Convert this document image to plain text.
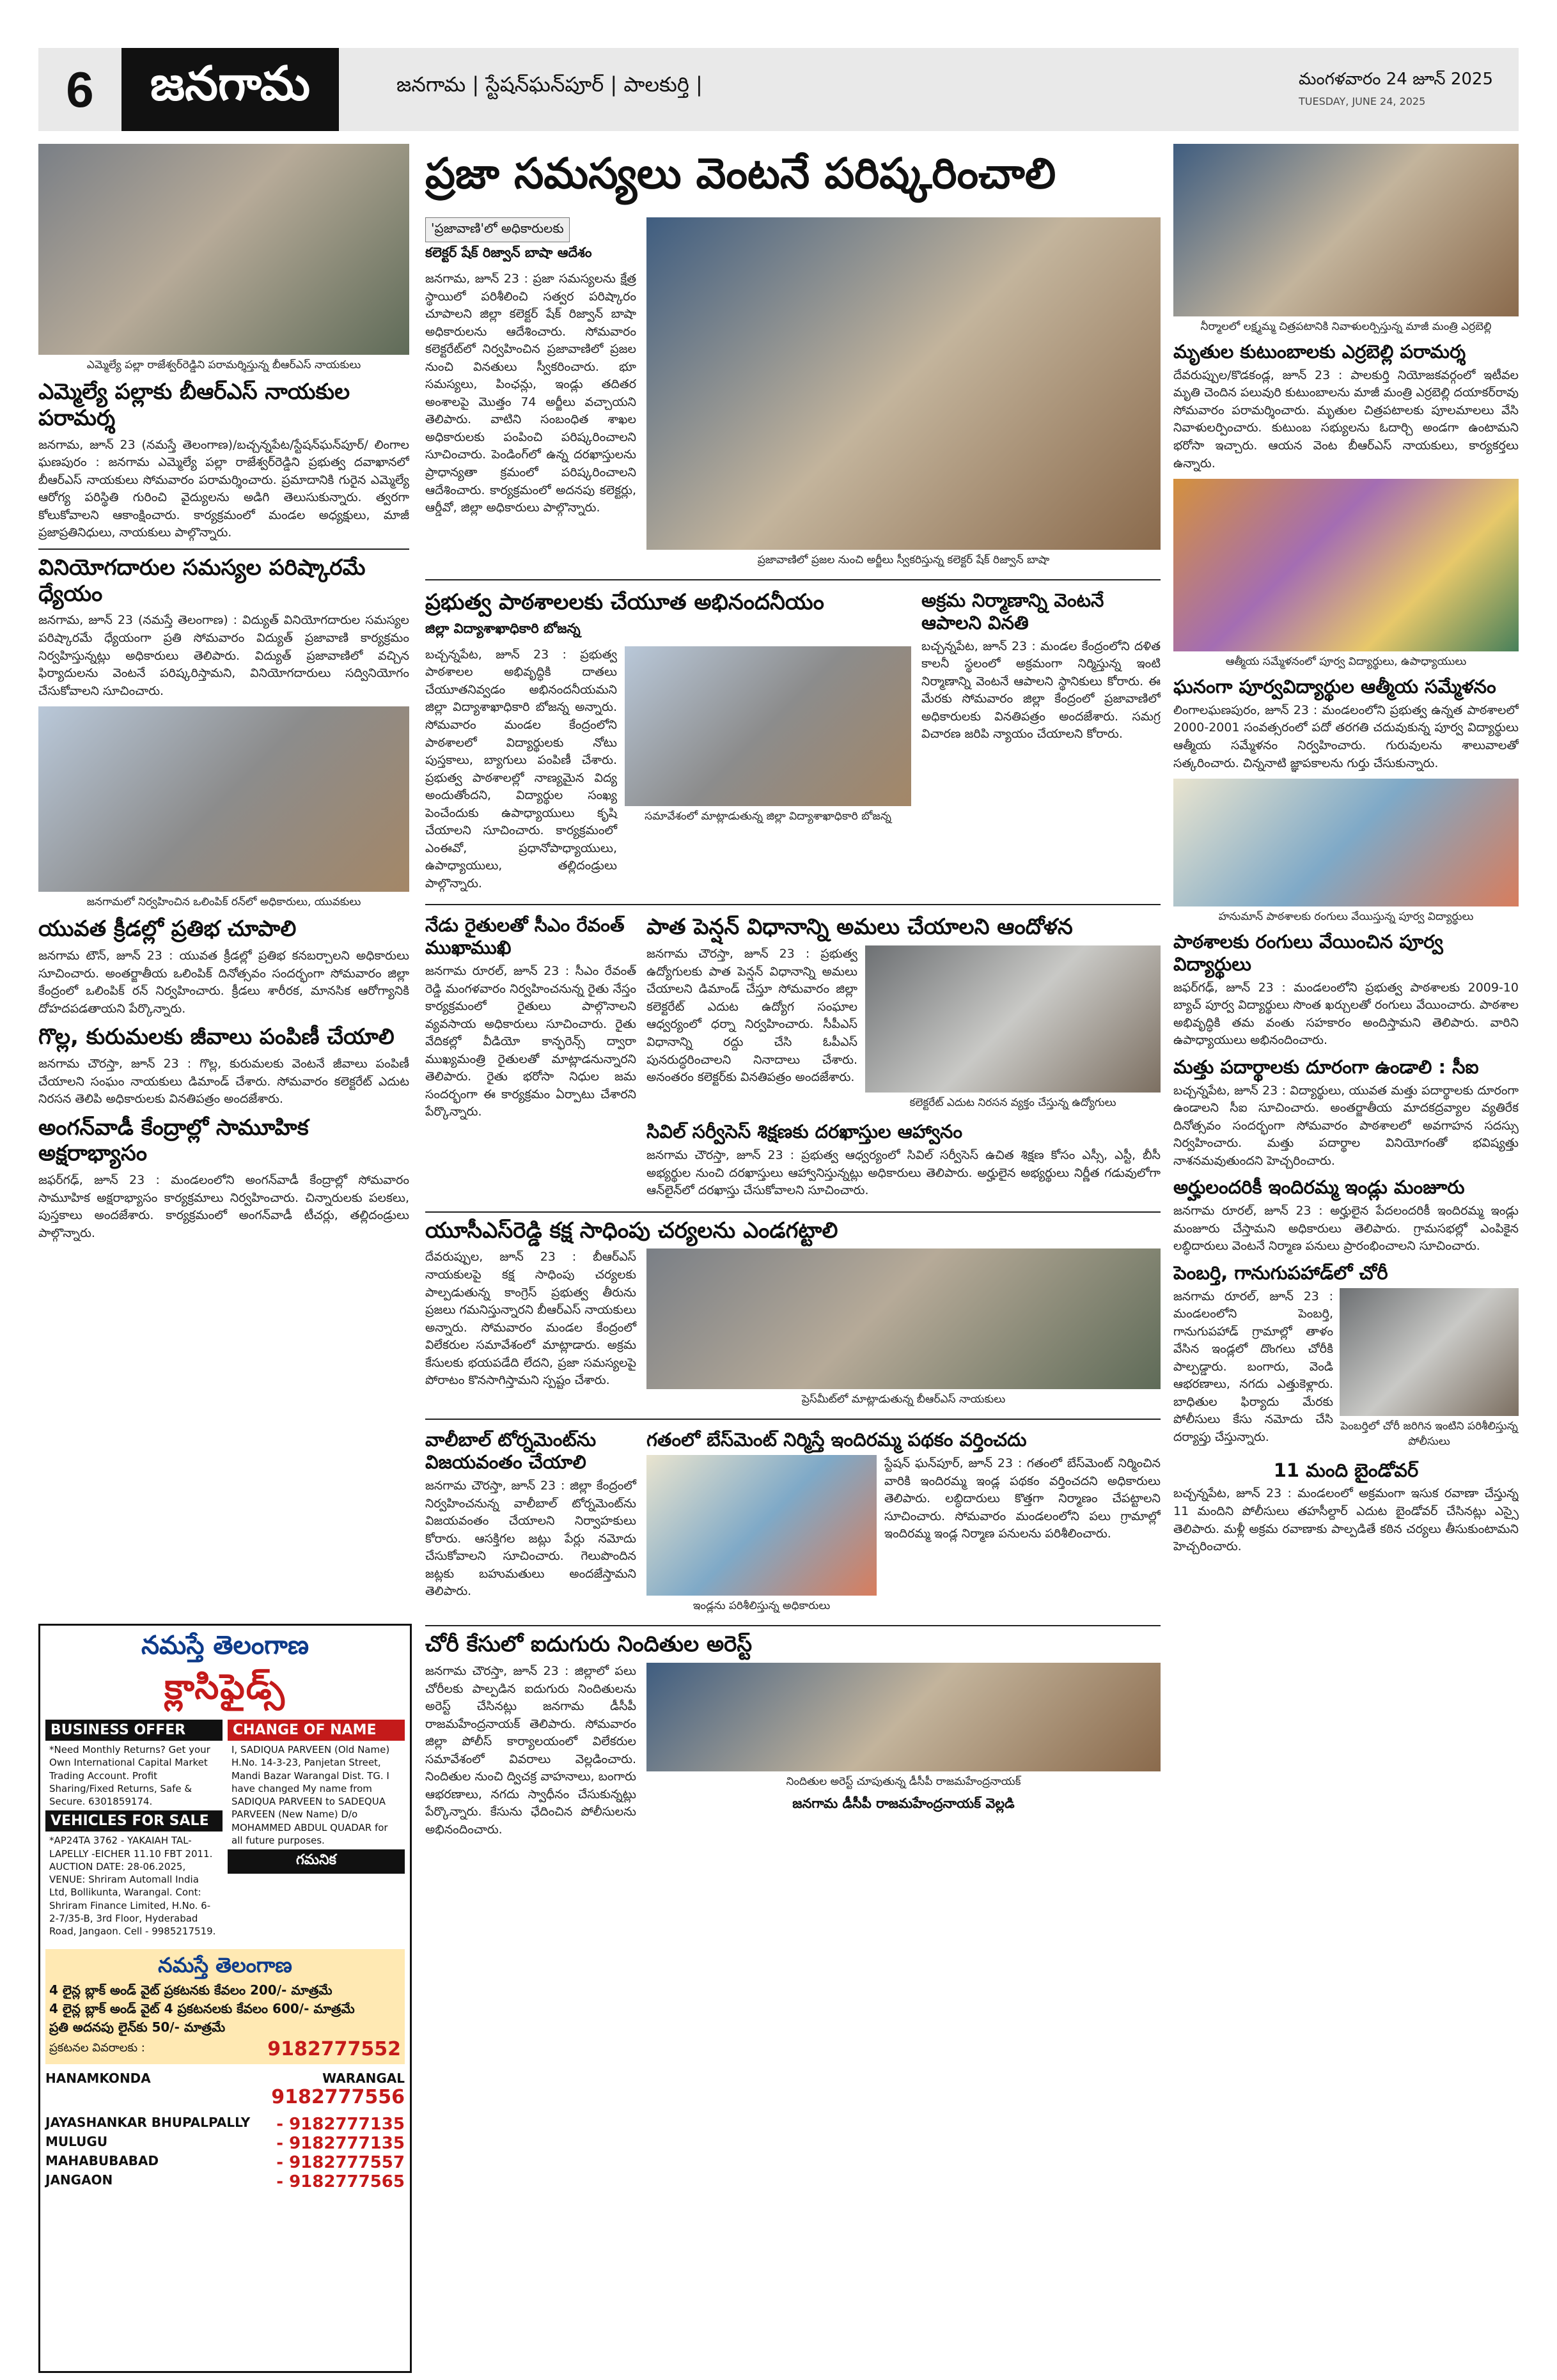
6	జనగామ	జనగామ | స్టేషన్‌ఘన్‌పూర్ | పాలకుర్తి |	మంగళవారం 24 జూన్ 2025
TUESDAY, JUNE 24, 2025
ఎమ్మెల్యే పల్లా రాజేశ్వర్‌రెడ్డిని పరామర్శిస్తున్న బీఆర్ఎస్ నాయకులు
ఎమ్మెల్యే పల్లాకు బీఆర్ఎస్ నాయకుల పరామర్శ

జనగామ, జూన్ 23 (నమస్తే తెలంగాణ)/బచ్చన్నపేట/స్టేషన్‌ఘన్‌పూర్/ లింగాల ఘణపురం : జనగామ ఎమ్మెల్యే పల్లా రాజేశ్వర్‌రెడ్డిని ప్రభుత్వ దవాఖానలో బీఆర్ఎస్ నాయకులు సోమవారం పరామర్శించారు. ప్రమాదానికి గురైన ఎమ్మెల్యే ఆరోగ్య పరిస్థితి గురించి వైద్యులను అడిగి తెలుసుకున్నారు. త్వరగా కోలుకోవాలని ఆకాంక్షించారు. కార్యక్రమంలో మండల అధ్యక్షులు, మాజీ ప్రజాప్రతినిధులు, నాయకులు పాల్గొన్నారు.

వినియోగదారుల సమస్యల పరిష్కారమే ధ్యేయం

జనగామ, జూన్ 23 (నమస్తే తెలంగాణ) : విద్యుత్ వినియోగదారుల సమస్యల పరిష్కారమే ధ్యేయంగా ప్రతి సోమవారం విద్యుత్ ప్రజావాణి కార్యక్రమం నిర్వహిస్తున్నట్లు అధికారులు తెలిపారు. విద్యుత్ ప్రజావాణిలో వచ్చిన ఫిర్యాదులను వెంటనే పరిష్కరిస్తామని, వినియోగదారులు సద్వినియోగం చేసుకోవాలని సూచించారు.

జనగామలో నిర్వహించిన ఒలింపిక్ రన్‌లో అధికారులు, యువకులు
యువత క్రీడల్లో ప్రతిభ చూపాలి

జనగామ టౌన్, జూన్ 23 : యువత క్రీడల్లో ప్రతిభ కనబర్చాలని అధికారులు సూచించారు. అంతర్జాతీయ ఒలింపిక్ దినోత్సవం సందర్భంగా సోమవారం జిల్లా కేంద్రంలో ఒలింపిక్ రన్ నిర్వహించారు. క్రీడలు శారీరక, మానసిక ఆరోగ్యానికి దోహదపడతాయని పేర్కొన్నారు.

గొల్ల, కురుమలకు జీవాలు పంపిణీ చేయాలి

జనగామ చౌరస్తా, జూన్ 23 : గొల్ల, కురుమలకు వెంటనే జీవాలు పంపిణీ చేయాలని సంఘం నాయకులు డిమాండ్ చేశారు. సోమవారం కలెక్టరేట్ ఎదుట నిరసన తెలిపి అధికారులకు వినతిపత్రం అందజేశారు.

అంగన్‌వాడీ కేంద్రాల్లో సామూహిక అక్షరాభ్యాసం

జఫర్‌గఢ్, జూన్ 23 : మండలంలోని అంగన్‌వాడీ కేంద్రాల్లో సోమవారం సామూహిక అక్షరాభ్యాసం కార్యక్రమాలు నిర్వహించారు. చిన్నారులకు పలకలు, పుస్తకాలు అందజేశారు. కార్యక్రమంలో అంగన్‌వాడీ టీచర్లు, తల్లిదండ్రులు పాల్గొన్నారు.

నమస్తే తెలంగాణ
క్లాసిఫైడ్స్
BUSINESS OFFER
*Need Monthly Returns? Get your Own International Capital Market Trading Account. Profit Sharing/Fixed Returns, Safe & Secure. 6301859174.
VEHICLES FOR SALE
*AP24TA 3762 - YAKAIAH TAL-LAPELLY -EICHER 11.10 FBT 2011. AUCTION DATE: 28-06.2025, VENUE: Shriram Automall India Ltd, Bollikunta, Warangal. Cont: Shriram Finance Limited, H.No. 6-2-7/35-B, 3rd Floor, Hyderabad Road, Jangaon. Cell - 9985217519.
CHANGE OF NAME
I, SADIQUA PARVEEN (Old Name) H.No. 14-3-23, Panjetan Street, Mandi Bazar Warangal Dist. TG. I have changed My name from SADIQUA PARVEEN to SADEQUA PARVEEN (New Name) D/o MOHAMMED ABDUL QUADAR for all future purposes.
గమనిక
నమస్తే తెలంగాణ
4 లైన్ల బ్లాక్ అండ్ వైట్ ప్రకటనకు కేవలం 200/- మాత్రమే
4 లైన్ల బ్లాక్ అండ్ వైట్ 4 ప్రకటనలకు కేవలం 600/- మాత్రమే
ప్రతి అదనపు లైన్‌కు 50/- మాత్రమే
ప్రకటనల వివరాలకు :	9182777552
HANAMKONDA	WARANGAL
9182777556
JAYASHANKAR BHUPALPALLY - 9182777135
MULUGU	- 9182777135
MAHABUBABAD	- 9182777557
JANGAON	- 9182777565
ప్రజా సమస్యలు వెంటనే పరిష్కరించాలి
'ప్రజావాణి'లో అధికారులకు
కలెక్టర్ షేక్ రిజ్వాన్ బాషా ఆదేశం

జనగామ, జూన్ 23 : ప్రజా సమస్యలను క్షేత్ర స్థాయిలో పరిశీలించి సత్వర పరిష్కారం చూపాలని జిల్లా కలెక్టర్ షేక్ రిజ్వాన్ బాషా అధికారులను ఆదేశించారు. సోమవారం కలెక్టరేట్‌లో నిర్వహించిన ప్రజావాణిలో ప్రజల నుంచి వినతులు స్వీకరించారు. భూ సమస్యలు, పింఛన్లు, ఇండ్లు తదితర అంశాలపై మొత్తం 74 అర్జీలు వచ్చాయని తెలిపారు. వాటిని సంబంధిత శాఖల అధికారులకు పంపించి పరిష్కరించాలని సూచించారు. పెండింగ్‌లో ఉన్న దరఖాస్తులను ప్రాధాన్యతా క్రమంలో పరిష్కరించాలని ఆదేశించారు. కార్యక్రమంలో అదనపు కలెక్టర్లు, ఆర్డీవో, జిల్లా అధికారులు పాల్గొన్నారు.

ప్రజావాణిలో ప్రజల నుంచి అర్జీలు స్వీకరిస్తున్న కలెక్టర్ షేక్ రిజ్వాన్ బాషా
ప్రభుత్వ పాఠశాలలకు చేయూత అభినందనీయం
జిల్లా విద్యాశాఖాధికారి బోజన్న

బచ్చన్నపేట, జూన్ 23 : ప్రభుత్వ పాఠశాలల అభివృద్ధికి దాతలు చేయూతనివ్వడం అభినందనీయమని జిల్లా విద్యాశాఖాధికారి బోజన్న అన్నారు. సోమవారం మండల కేంద్రంలోని పాఠశాలలో విద్యార్థులకు నోటు పుస్తకాలు, బ్యాగులు పంపిణీ చేశారు. ప్రభుత్వ పాఠశాలల్లో నాణ్యమైన విద్య అందుతోందని, విద్యార్థుల సంఖ్య పెంచేందుకు ఉపాధ్యాయులు కృషి చేయాలని సూచించారు. కార్యక్రమంలో ఎంఈవో, ప్రధానోపాధ్యాయులు, ఉపాధ్యాయులు, తల్లిదండ్రులు పాల్గొన్నారు.

సమావేశంలో మాట్లాడుతున్న జిల్లా విద్యాశాఖాధికారి బోజన్న
అక్రమ నిర్మాణాన్ని వెంటనే ఆపాలని వినతి

బచ్చన్నపేట, జూన్ 23 : మండల కేంద్రంలోని దళిత కాలనీ స్థలంలో అక్రమంగా నిర్మిస్తున్న ఇంటి నిర్మాణాన్ని వెంటనే ఆపాలని స్థానికులు కోరారు. ఈ మేరకు సోమవారం జిల్లా కేంద్రంలో ప్రజావాణిలో అధికారులకు వినతిపత్రం అందజేశారు. సమగ్ర విచారణ జరిపి న్యాయం చేయాలని కోరారు.

నేడు రైతులతో సీఎం రేవంత్ ముఖాముఖి

జనగామ రూరల్, జూన్ 23 : సీఎం రేవంత్ రెడ్డి మంగళవారం నిర్వహించనున్న రైతు నేస్తం కార్యక్రమంలో రైతులు పాల్గొనాలని వ్యవసాయ అధికారులు సూచించారు. రైతు వేదికల్లో వీడియో కాన్ఫరెన్స్ ద్వారా ముఖ్యమంత్రి రైతులతో మాట్లాడనున్నారని తెలిపారు. రైతు భరోసా నిధుల జమ సందర్భంగా ఈ కార్యక్రమం ఏర్పాటు చేశారని పేర్కొన్నారు.

పాత పెన్షన్ విధానాన్ని అమలు చేయాలని ఆందోళన

జనగామ చౌరస్తా, జూన్ 23 : ప్రభుత్వ ఉద్యోగులకు పాత పెన్షన్ విధానాన్ని అమలు చేయాలని డిమాండ్ చేస్తూ సోమవారం జిల్లా కలెక్టరేట్ ఎదుట ఉద్యోగ సంఘాల ఆధ్వర్యంలో ధర్నా నిర్వహించారు. సీపీఎస్ విధానాన్ని రద్దు చేసి ఓపీఎస్ పునరుద్ధరించాలని నినాదాలు చేశారు. అనంతరం కలెక్టర్‌కు వినతిపత్రం అందజేశారు.

కలెక్టరేట్ ఎదుట నిరసన వ్యక్తం చేస్తున్న ఉద్యోగులు
సివిల్ సర్వీసెస్ శిక్షణకు దరఖాస్తుల ఆహ్వానం

జనగామ చౌరస్తా, జూన్ 23 : ప్రభుత్వ ఆధ్వర్యంలో సివిల్ సర్వీసెస్ ఉచిత శిక్షణ కోసం ఎస్సీ, ఎస్టీ, బీసీ అభ్యర్థుల నుంచి దరఖాస్తులు ఆహ్వానిస్తున్నట్లు అధికారులు తెలిపారు. అర్హులైన అభ్యర్థులు నిర్ణీత గడువులోగా ఆన్‌లైన్‌లో దరఖాస్తు చేసుకోవాలని సూచించారు.

యూసీఎస్‌రెడ్డి కక్ష సాధింపు చర్యలను ఎండగట్టాలి

దేవరుప్పుల, జూన్ 23 : బీఆర్ఎస్ నాయకులపై కక్ష సాధింపు చర్యలకు పాల్పడుతున్న కాంగ్రెస్ ప్రభుత్వ తీరును ప్రజలు గమనిస్తున్నారని బీఆర్ఎస్ నాయకులు అన్నారు. సోమవారం మండల కేంద్రంలో విలేకరుల సమావేశంలో మాట్లాడారు. అక్రమ కేసులకు భయపడేది లేదని, ప్రజా సమస్యలపై పోరాటం కొనసాగిస్తామని స్పష్టం చేశారు.

ప్రెస్‌మీట్‌లో మాట్లాడుతున్న బీఆర్ఎస్ నాయకులు
వాలీబాల్ టోర్నమెంట్‌ను విజయవంతం చేయాలి

జనగామ చౌరస్తా, జూన్ 23 : జిల్లా కేంద్రంలో నిర్వహించనున్న వాలీబాల్ టోర్నమెంట్‌ను విజయవంతం చేయాలని నిర్వాహకులు కోరారు. ఆసక్తిగల జట్లు పేర్లు నమోదు చేసుకోవాలని సూచించారు. గెలుపొందిన జట్లకు బహుమతులు అందజేస్తామని తెలిపారు.

గతంలో బేస్‌మెంట్ నిర్మిస్తే ఇందిరమ్మ పథకం వర్తించదు
ఇండ్లను పరిశీలిస్తున్న అధికారులు

స్టేషన్ ఘన్‌పూర్, జూన్ 23 : గతంలో బేస్‌మెంట్ నిర్మించిన వారికి ఇందిరమ్మ ఇండ్ల పథకం వర్తించదని అధికారులు తెలిపారు. లబ్ధిదారులు కొత్తగా నిర్మాణం చేపట్టాలని సూచించారు. సోమవారం మండలంలోని పలు గ్రామాల్లో ఇందిరమ్మ ఇండ్ల నిర్మాణ పనులను పరిశీలించారు.

చోరీ కేసులో ఐదుగురు నిందితుల అరెస్ట్

జనగామ చౌరస్తా, జూన్ 23 : జిల్లాలో పలు చోరీలకు పాల్పడిన ఐదుగురు నిందితులను అరెస్ట్ చేసినట్లు జనగామ డీసీపీ రాజమహేంద్రనాయక్ తెలిపారు. సోమవారం జిల్లా పోలీస్ కార్యాలయంలో విలేకరుల సమావేశంలో వివరాలు వెల్లడించారు. నిందితుల నుంచి ద్విచక్ర వాహనాలు, బంగారు ఆభరణాలు, నగదు స్వాధీనం చేసుకున్నట్లు పేర్కొన్నారు. కేసును ఛేదించిన పోలీసులను అభినందించారు.

నిందితుల అరెస్ట్ చూపుతున్న డీసీపీ రాజమహేంద్రనాయక్
జనగామ డీసీపీ రాజమహేంద్రనాయక్ వెల్లడి
నీర్మాలలో లక్ష్మమ్మ చిత్రపటానికి నివాళులర్పిస్తున్న మాజీ మంత్రి ఎర్రబెల్లి
మృతుల కుటుంబాలకు ఎర్రబెల్లి పరామర్శ

దేవరుప్పుల/కొడకండ్ల, జూన్ 23 : పాలకుర్తి నియోజకవర్గంలో ఇటీవల మృతి చెందిన పలువురి కుటుంబాలను మాజీ మంత్రి ఎర్రబెల్లి దయాకర్‌రావు సోమవారం పరామర్శించారు. మృతుల చిత్రపటాలకు పూలమాలలు వేసి నివాళులర్పించారు. కుటుంబ సభ్యులను ఓదార్చి అండగా ఉంటామని భరోసా ఇచ్చారు. ఆయన వెంట బీఆర్ఎస్ నాయకులు, కార్యకర్తలు ఉన్నారు.

ఆత్మీయ సమ్మేళనంలో పూర్వ విద్యార్థులు, ఉపాధ్యాయులు
ఘనంగా పూర్వవిద్యార్థుల ఆత్మీయ సమ్మేళనం

లింగాలఘణపురం, జూన్ 23 : మండలంలోని ప్రభుత్వ ఉన్నత పాఠశాలలో 2000-2001 సంవత్సరంలో పదో తరగతి చదువుకున్న పూర్వ విద్యార్థులు ఆత్మీయ సమ్మేళనం నిర్వహించారు. గురువులను శాలువాలతో సత్కరించారు. చిన్ననాటి జ్ఞాపకాలను గుర్తు చేసుకున్నారు.

హనుమాన్ పాఠశాలకు రంగులు వేయిస్తున్న పూర్వ విద్యార్థులు
పాఠశాలకు రంగులు వేయించిన పూర్వ విద్యార్థులు

జఫర్‌గఢ్, జూన్ 23 : మండలంలోని ప్రభుత్వ పాఠశాలకు 2009-10 బ్యాచ్ పూర్వ విద్యార్థులు సొంత ఖర్చులతో రంగులు వేయించారు. పాఠశాల అభివృద్ధికి తమ వంతు సహకారం అందిస్తామని తెలిపారు. వారిని ఉపాధ్యాయులు అభినందించారు.

మత్తు పదార్థాలకు దూరంగా ఉండాలి : సీఐ

బచ్చన్నపేట, జూన్ 23 : విద్యార్థులు, యువత మత్తు పదార్థాలకు దూరంగా ఉండాలని సీఐ సూచించారు. అంతర్జాతీయ మాదకద్రవ్యాల వ్యతిరేక దినోత్సవం సందర్భంగా సోమవారం పాఠశాలలో అవగాహన సదస్సు నిర్వహించారు. మత్తు పదార్థాల వినియోగంతో భవిష్యత్తు నాశనమవుతుందని హెచ్చరించారు.

అర్హులందరికీ ఇందిరమ్మ ఇండ్లు మంజూరు

జనగామ రూరల్, జూన్ 23 : అర్హులైన పేదలందరికీ ఇందిరమ్మ ఇండ్లు మంజూరు చేస్తామని అధికారులు తెలిపారు. గ్రామసభల్లో ఎంపికైన లబ్ధిదారులు వెంటనే నిర్మాణ పనులు ప్రారంభించాలని సూచించారు.

పెంబర్తి, గానుగుపహాడ్‌లో చోరీ

జనగామ రూరల్, జూన్ 23 : మండలంలోని పెంబర్తి, గానుగుపహాడ్ గ్రామాల్లో తాళం వేసిన ఇండ్లలో దొంగలు చోరీకి పాల్పడ్డారు. బంగారు, వెండి ఆభరణాలు, నగదు ఎత్తుకెళ్లారు. బాధితుల ఫిర్యాదు మేరకు పోలీసులు కేసు నమోదు చేసి దర్యాప్తు చేస్తున్నారు.

పెంబర్తిలో చోరీ జరిగిన ఇంటిని పరిశీలిస్తున్న పోలీసులు
11 మంది బైండోవర్

బచ్చన్నపేట, జూన్ 23 : మండలంలో అక్రమంగా ఇసుక రవాణా చేస్తున్న 11 మందిని పోలీసులు తహసీల్దార్ ఎదుట బైండోవర్ చేసినట్లు ఎస్సై తెలిపారు. మళ్లీ అక్రమ రవాణాకు పాల్పడితే కఠిన చర్యలు తీసుకుంటామని హెచ్చరించారు.
